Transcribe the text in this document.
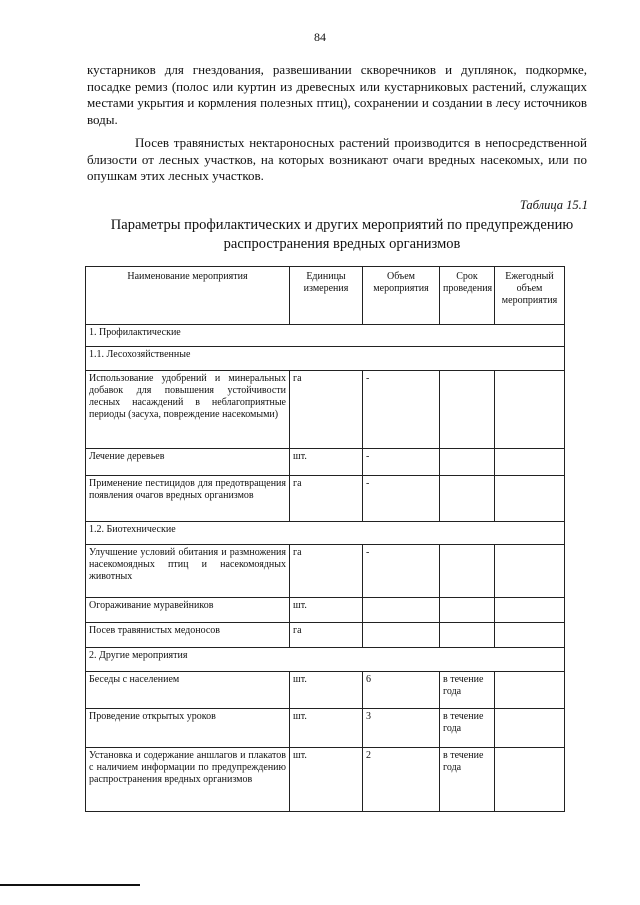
84

кустарников для гнездования, развешивании скворечников и дуплянок, подкормке, посадке ремиз (полос или куртин из древесных или кустарниковых растений, служащих местами укрытия и кормления полезных птиц), сохранении и создании в лесу источников воды.

Посев травянистых нектароносных растений производится в непосредственной близости от лесных участков, на которых возникают очаги вредных насекомых, или по опушкам этих лесных участков.

Таблица 15.1
Параметры профилактических и других мероприятий по предупреждению распространения вредных организмов
Наименование мероприятия	Единицы измерения	Объем мероприятия	Срок проведения	Ежегодный объем мероприятия
1. Профилактические				
1.1. Лесохозяйственные				
Использование удобрений и минеральных добавок для повышения устойчивости лесных насаждений в неблагоприятные периоды (засуха, повреждение насекомыми)	га	-		
Лечение деревьев	шт.	-		
Применение пестицидов для предотвращения появления очагов вредных организмов	га	-		
1.2. Биотехнические				
Улучшение условий обитания и размножения насекомоядных птиц и насекомоядных животных	га	-		
Огораживание муравейников	шт.			
Посев травянистых медоносов	га			
2. Другие мероприятия				
Беседы с населением	шт.	6	в течение года	
Проведение открытых уроков	шт.	3	в течение года	
Установка и содержание аншлагов и плакатов с наличием информации по предупреждению распространения вредных организмов	шт.	2	в течение года	
